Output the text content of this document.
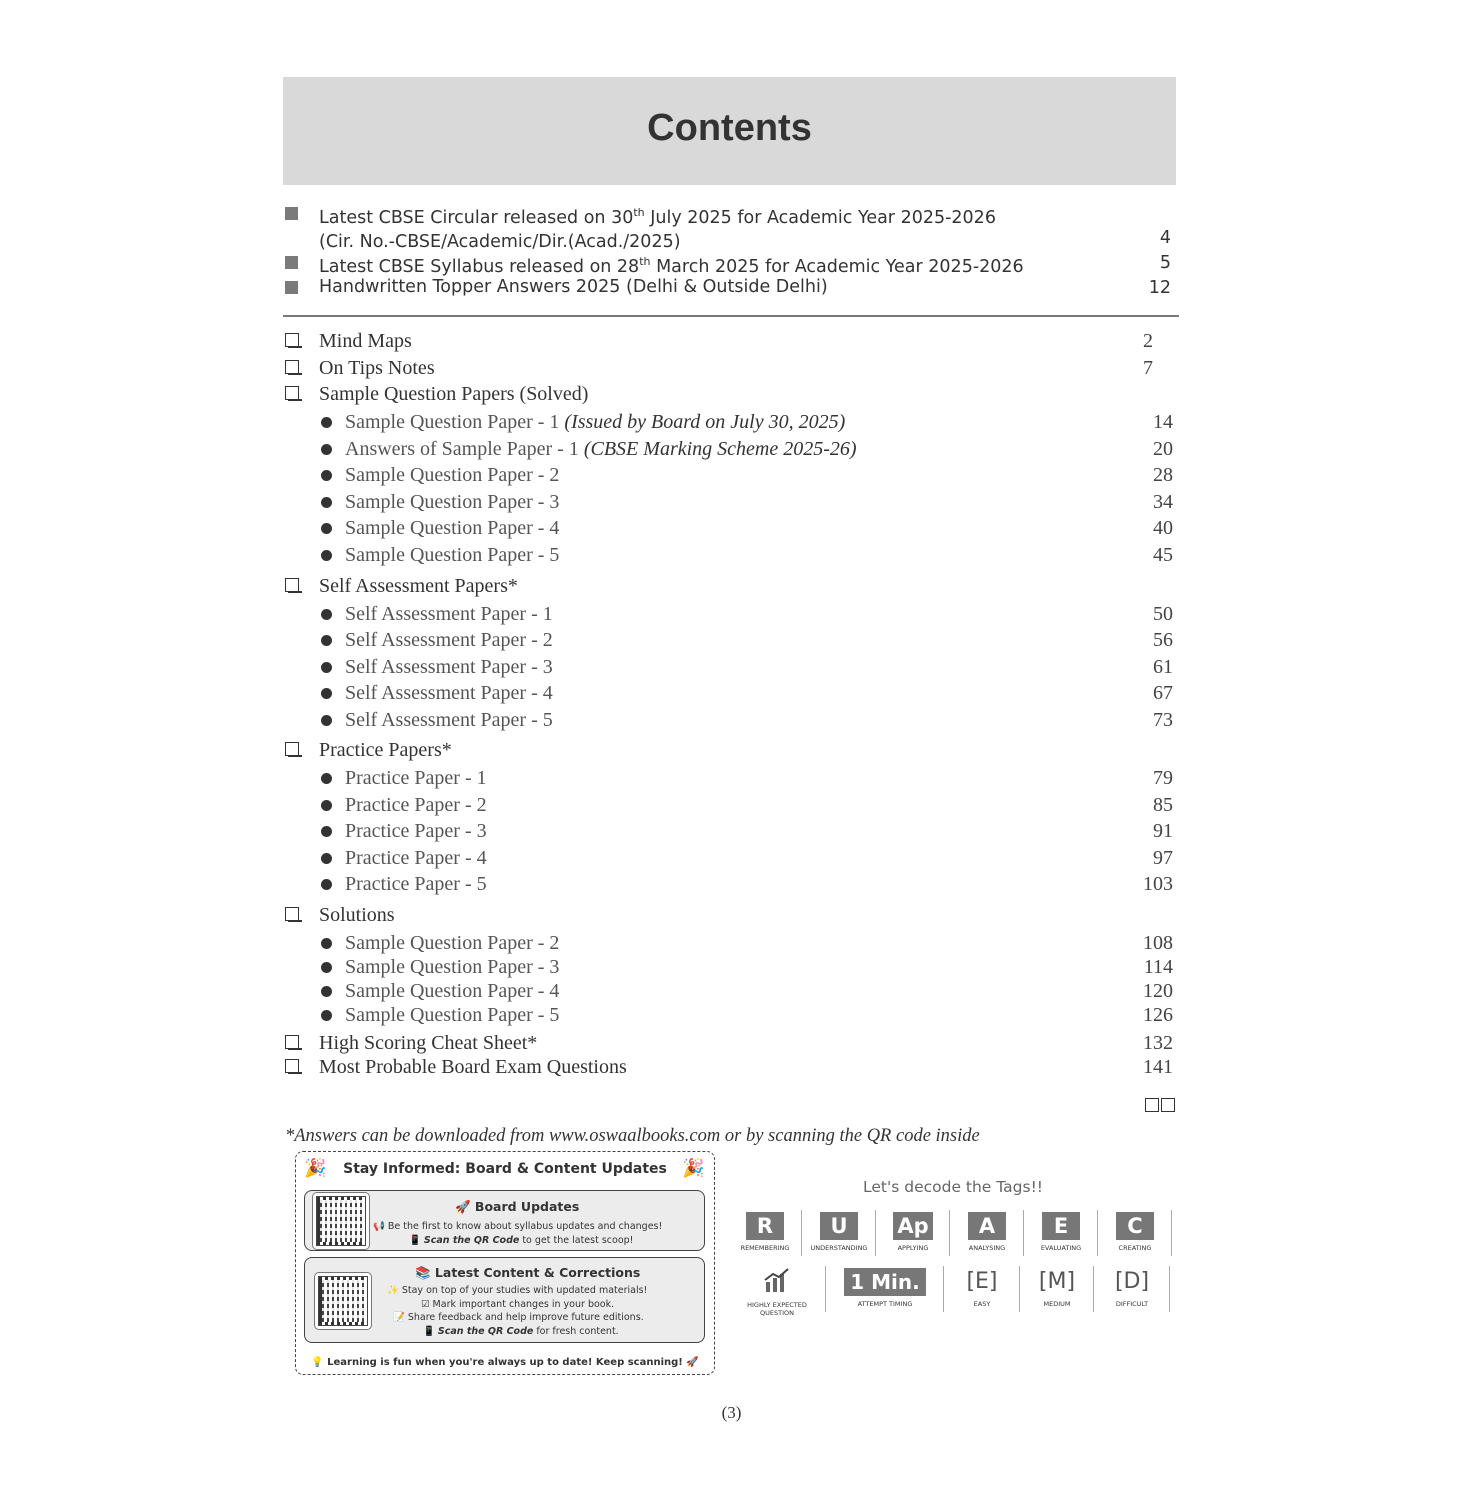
Contents
Latest CBSE Circular released on 30th July 2025 for Academic Year 2025-2026
(Cir. No.-CBSE/Academic/Dir.(Acad./2025)	4
Latest CBSE Syllabus released on 28th March 2025 for Academic Year 2025-2026	5
Handwritten Topper Answers 2025 (Delhi & Outside Delhi)	12
Mind Maps	2
On Tips Notes	7
Sample Question Papers (Solved)
Sample Question Paper - 1 (Issued by Board on July 30, 2025)	14
Answers of Sample Paper - 1 (CBSE Marking Scheme 2025-26)	20
Sample Question Paper - 2	28
Sample Question Paper - 3	34
Sample Question Paper - 4	40
Sample Question Paper - 5	45
Self Assessment Papers*
Self Assessment Paper - 1	50
Self Assessment Paper - 2	56
Self Assessment Paper - 3	61
Self Assessment Paper - 4	67
Self Assessment Paper - 5	73
Practice Papers*
Practice Paper - 1	79
Practice Paper - 2	85
Practice Paper - 3	91
Practice Paper - 4	97
Practice Paper - 5	103
Solutions
Sample Question Paper - 2	108
Sample Question Paper - 3	114
Sample Question Paper - 4	120
Sample Question Paper - 5	126
High Scoring Cheat Sheet*	132
Most Probable Board Exam Questions	141
*Answers can be downloaded from www.oswaalbooks.com or by scanning the QR code inside
🎉	🎉
Stay Informed: Board & Content Updates
🚀 Board Updates
📢 Be the first to know about syllabus updates and changes!
📱 Scan the QR Code to get the latest scoop!
📚 Latest Content & Corrections
✨ Stay on top of your studies with updated materials!
☑ Mark important changes in your book.
📝 Share feedback and help improve future editions.
📱 Scan the QR Code for fresh content.
💡 Learning is fun when you're always up to date! Keep scanning! 🚀
Let's decode the Tags!!
R
REMEMBERING
U
UNDERSTANDING
Ap
APPLYING
A
ANALYSING
E
EVALUATING
C
CREATING
HIGHLY EXPECTED
QUESTION
1 Min.
ATTEMPT TIMING
[E]
EASY
[M]
MEDIUM
[D]
DIFFICULT
(3)
